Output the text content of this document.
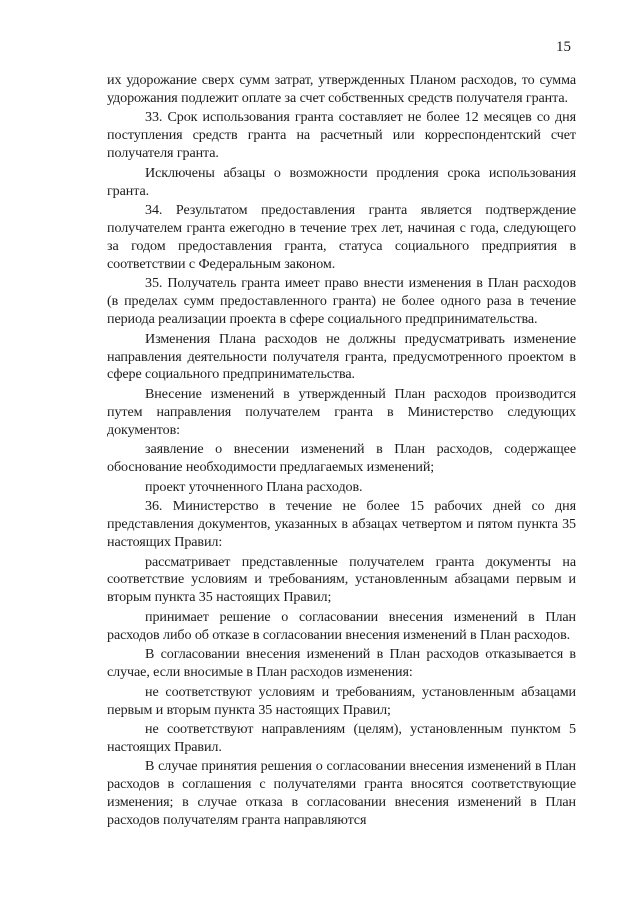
15

их удорожание сверх сумм затрат, утвержденных Планом расходов, то сумма удорожания подлежит оплате за счет собственных средств получателя гранта.

33. Срок использования гранта составляет не более 12 месяцев со дня поступления средств гранта на расчетный или корреспондентский счет получателя гранта.

Исключены абзацы о возможности продления срока использования гранта.

34. Результатом предоставления гранта является подтверждение получателем гранта ежегодно в течение трех лет, начиная с года, следующего за годом предоставления гранта, статуса социального предприятия в соответствии с Федеральным законом.

35. Получатель гранта имеет право внести изменения в План расходов (в пределах сумм предоставленного гранта) не более одного раза в течение периода реализации проекта в сфере социального предпринимательства.

Изменения Плана расходов не должны предусматривать изменение направления деятельности получателя гранта, предусмотренного проектом в сфере социального предпринимательства.

Внесение изменений в утвержденный План расходов производится путем направления получателем гранта в Министерство следующих документов:

заявление о внесении изменений в План расходов, содержащее обоснование необходимости предлагаемых изменений;

проект уточненного Плана расходов.

36. Министерство в течение не более 15 рабочих дней со дня представления документов, указанных в абзацах четвертом и пятом пункта 35 настоящих Правил:

рассматривает представленные получателем гранта документы на соответствие условиям и требованиям, установленным абзацами первым и вторым пункта 35 настоящих Правил;

принимает решение о согласовании внесения изменений в План расходов либо об отказе в согласовании внесения изменений в План расходов.

В согласовании внесения изменений в План расходов отказывается в случае, если вносимые в План расходов изменения:

не соответствуют условиям и требованиям, установленным абзацами первым и вторым пункта 35 настоящих Правил;

не соответствуют направлениям (целям), установленным пунктом 5 настоящих Правил.

В случае принятия решения о согласовании внесения изменений в План расходов в соглашения с получателями гранта вносятся соответствующие изменения; в случае отказа в согласовании внесения изменений в План расходов получателям гранта направляются
